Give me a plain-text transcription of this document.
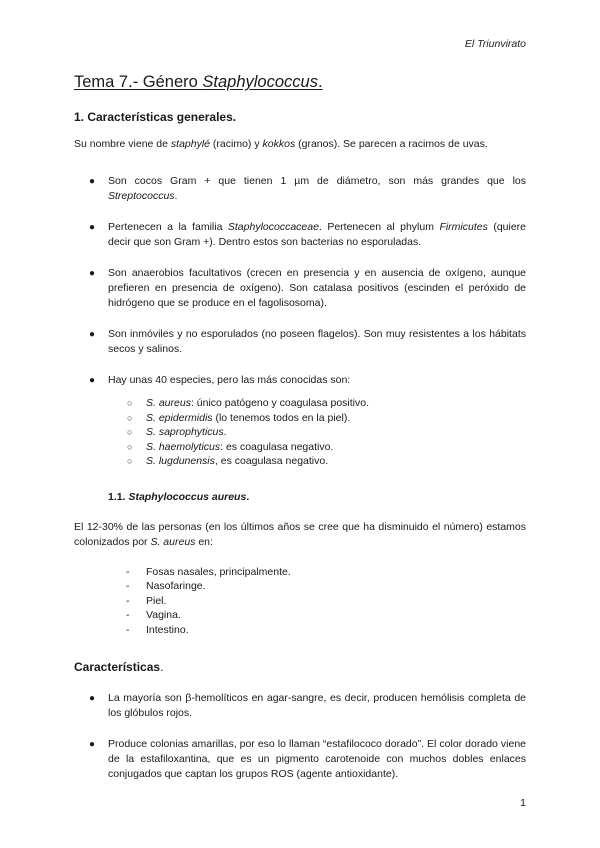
El Triunvirato
Tema 7.- Género Staphylococcus.
1. Características generales.

Su nombre viene de staphylé (racimo) y kokkos (granos). Se parecen a racimos de uvas.

● Son cocos Gram + que tienen 1 µm de diámetro, son más grandes que los Streptococcus.
● Pertenecen a la familia Staphylococcaceae. Pertenecen al phylum Firmicutes (quiere decir que son Gram +). Dentro estos son bacterias no esporuladas.
● Son anaerobios facultativos (crecen en presencia y en ausencia de oxígeno, aunque prefieren en presencia de oxígeno). Son catalasa positivos (escinden el peróxido de hidrógeno que se produce en el fagolisosoma).
● Son inmóviles y no esporulados (no poseen flagelos). Son muy resistentes a los hábitats secos y salinos.
● Hay unas 40 especies, pero las más conocidas son:
○ S. aureus: único patógeno y coagulasa positivo.
○ S. epidermidis (lo tenemos todos en la piel).
○ S. saprophyticus.
○ S. haemolyticus: es coagulasa negativo.
○ S. lugdunensis, es coagulasa negativo.
1.1. Staphylococcus aureus.

El 12-30% de las personas (en los últimos años se cree que ha disminuido el número) estamos colonizados por S. aureus en:

- Fosas nasales, principalmente.
- Nasofaringe.
- Piel.
- Vagina.
- Intestino.
Características.
● La mayoría son β-hemolíticos en agar-sangre, es decir, producen hemólisis completa de los glóbulos rojos.
● Produce colonias amarillas, por eso lo llaman “estafilococo dorado”. El color dorado viene de la estafiloxantina, que es un pigmento carotenoide con muchos dobles enlaces conjugados que captan los grupos ROS (agente antioxidante).
1
